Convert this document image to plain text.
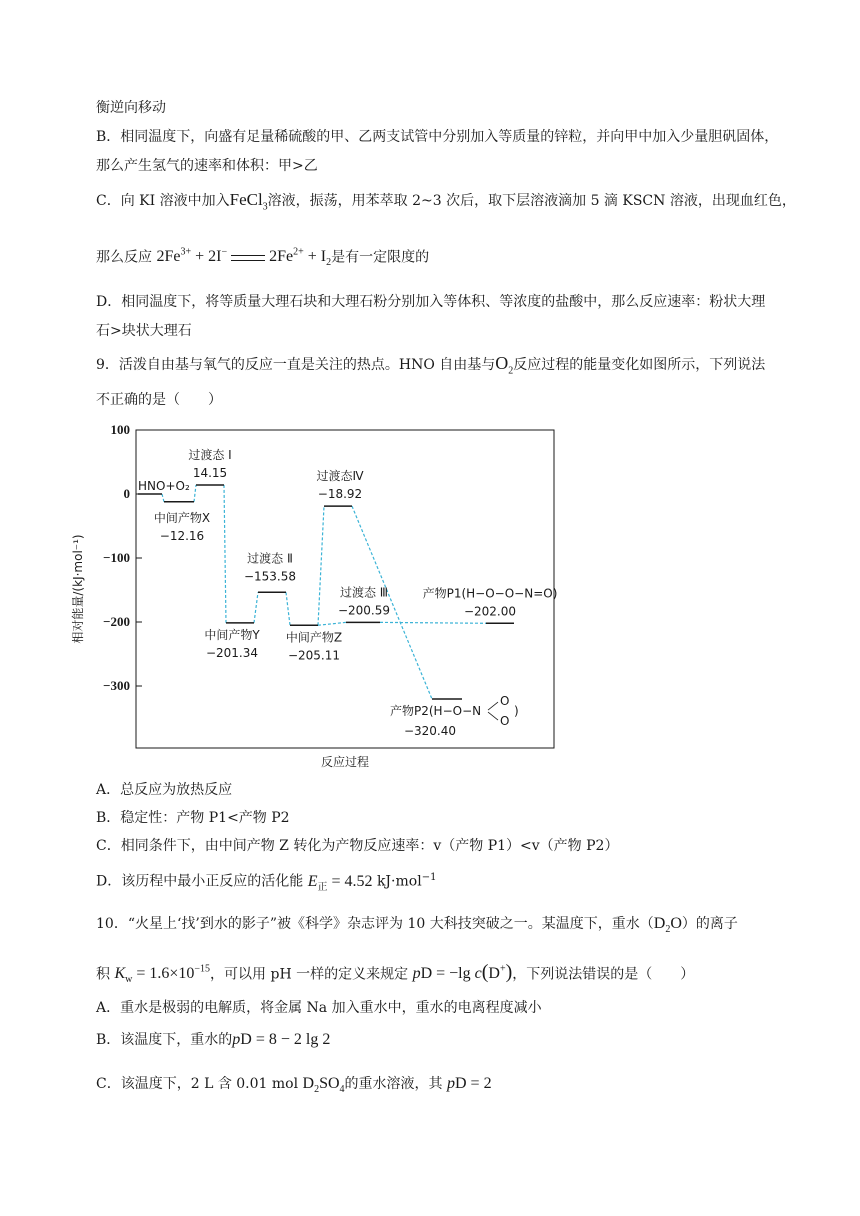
衡逆向移动
B．相同温度下，向盛有足量稀硫酸的甲、乙两支试管中分别加入等质量的锌粒，并向甲中加入少量胆矾固体，
那么产生氢气的速率和体积：甲>乙
C．向 KI 溶液中加入FeCl$_3$溶液，振荡，用苯萃取 2~3 次后，取下层溶液滴加 5 滴 KSCN 溶液，出现血红色，
那么反应 $2Fe^{3+} + 2I^-$	$2Fe^{2+} + I_2$是有一定限度的
D．相同温度下，将等质量大理石块和大理石粉分别加入等体积、等浓度的盐酸中，那么反应速率：粉状大理
石>块状大理石
9．活泼自由基与氧气的反应一直是关注的热点。HNO 自由基与$O_2$反应过程的能量变化如图所示，下列说法
不正确的是（　　）
100
0
−100
−200
−300
相对能量/(kJ·mol⁻¹)
反应过程
HNO+O₂
中间产物X
−12.16
过渡态 Ⅰ
14.15
中间产物Y
−201.34
过渡态 Ⅱ
−153.58
中间产物Z
−205.11
过渡态Ⅳ
−18.92
过渡态 Ⅲ
−200.59
产物P1(H−O−O−N=O)
−202.00
产物P2(H−O−N
O
O
)
−320.40
A．总反应为放热反应
B．稳定性：产物 P1<产物 P2
C．相同条件下，由中间产物 Z 转化为产物反应速率：v（产物 P1）<v（产物 P2）
D．该历程中最小正反应的活化能 $E_正 = 4.52$ kJ·mol$^{-1}$
10．“火星上‘找’到水的影子”被《科学》杂志评为 10 大科技突破之一。某温度下，重水$(D_2O)$的离子
积 $K_w = 1.6\times 10^{-15}$，可以用 pH 一样的定义来规定 pD = −lg c(D+)，下列说法错误的是（　　）
A．重水是极弱的电解质，将金属 Na 加入重水中，重水的电离程度减小
B．该温度下，重水的pD = 8 − 2 lg 2
C．该温度下，2 L 含 0.01 mol $D_2SO_4$的重水溶液，其 pD = 2
